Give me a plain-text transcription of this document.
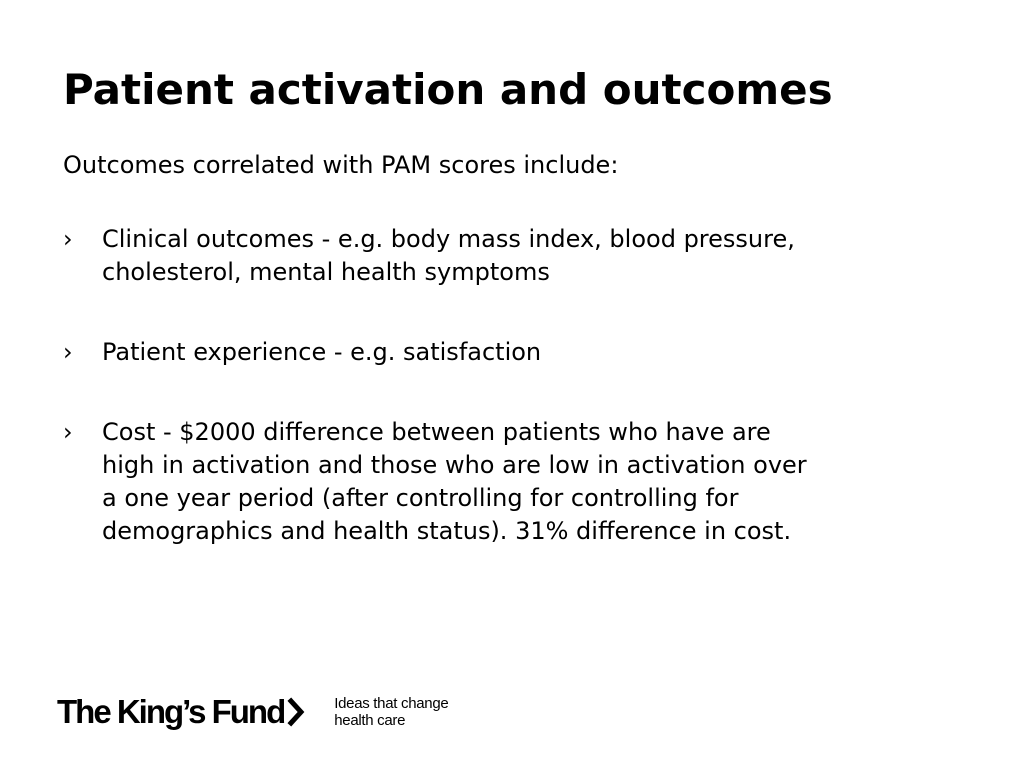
Patient activation and outcomes
Outcomes correlated with PAM scores include:
›	Clinical outcomes - e.g. body mass index, blood pressure,
cholesterol, mental health symptoms
›	Patient experience - e.g. satisfaction
›	Cost - $2000 difference between patients who have are
high in activation and those who are low in activation over
a one year period (after controlling for controlling for
demographics and health status). 31% difference in cost.
The King’s Fund	Ideas that change
health care
